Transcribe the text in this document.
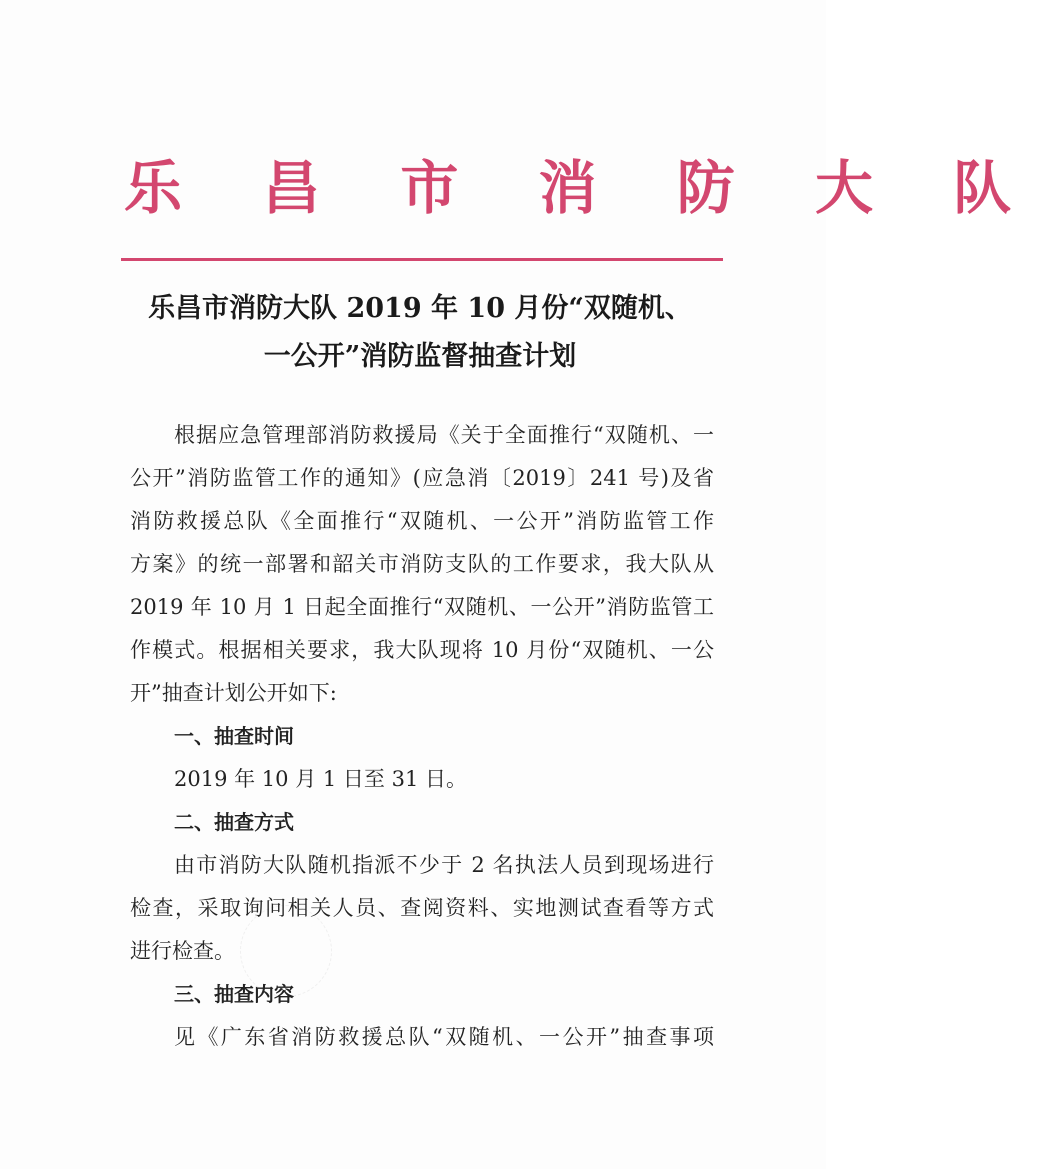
乐 昌 市 消 防 大 队
乐昌市消防大队 2019 年 10 月份“双随机、
一公开”消防监督抽查计划
根据应急管理部消防救援局《关于全面推行“双随机、一
公开”消防监管工作的通知》(应急消〔2019〕241 号)及省
消防救援总队《全面推行“双随机、一公开”消防监管工作
方案》的统一部署和韶关市消防支队的工作要求，我大队从
2019 年 10 月 1 日起全面推行“双随机、一公开”消防监管工
作模式。根据相关要求，我大队现将 10 月份“双随机、一公
开”抽查计划公开如下:
一、抽查时间
2019 年 10 月 1 日至 31 日。
二、抽查方式
由市消防大队随机指派不少于 2 名执法人员到现场进行
检查，采取询问相关人员、查阅资料、实地测试查看等方式
进行检查。
三、抽查内容
见《广东省消防救援总队“双随机、一公开”抽查事项
